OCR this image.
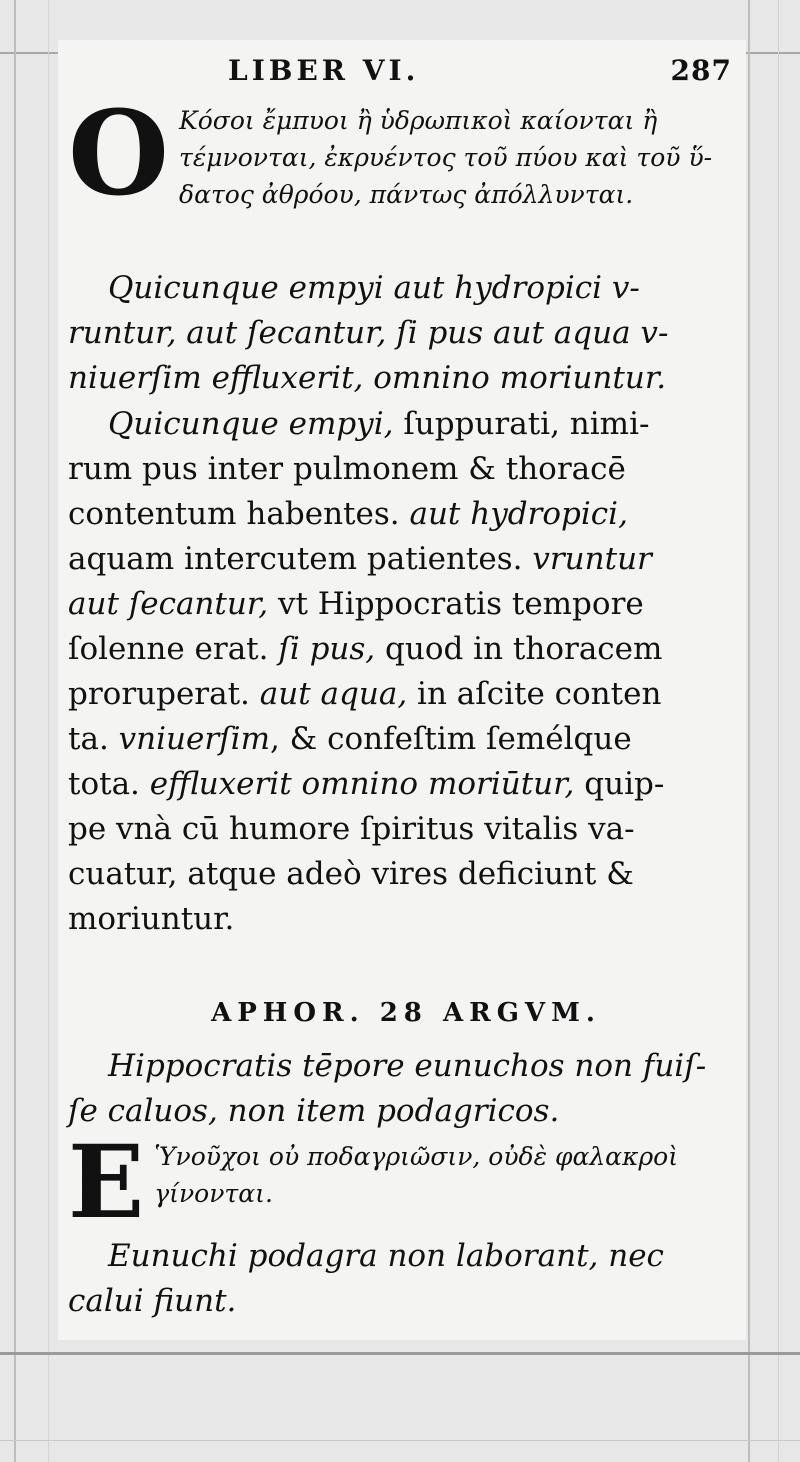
LIBER VI.	287
O Κόσοι ἔμπυοι ἢ ὑδρωπικοὶ καίονται ἢ
τέμνονται, ἐκρυέντος τοῦ πύου καὶ τοῦ ὕ-
δατος ἀθρόου, πάντως ἀπόλλυνται.
Quicunque empyi aut hydropici v-
runtur, aut ſecantur, ſi pus aut aqua v-
niuerſim effluxerit, omnino moriuntur.
Quicunque empyi, ſuppurati, nimi-
rum pus inter pulmonem & thoracē
contentum habentes. aut hydropici,
aquam intercutem patientes. vruntur
aut ſecantur, vt Hippocratis tempore
ſolenne erat. ſi pus, quod in thoracem
proruperat. aut aqua, in aſcite conten
ta. vniuerſim, & confeſtim ſemélque
tota. effluxerit omnino moriūtur, quip-
pe vnà cū humore ſpiritus vitalis va-
cuatur, atque adeò vires deficiunt &
moriuntur.
APHOR. 28 ARGVM.
Hippocratis tēpore eunuchos non fuiſ-
ſe caluos, non item podagricos.
E Ὑνοῦχοι οὐ ποδαγριῶσιν, οὐδὲ φαλακροὶ
γίνονται.
Eunuchi podagra non laborant, nec
calui fiunt.
